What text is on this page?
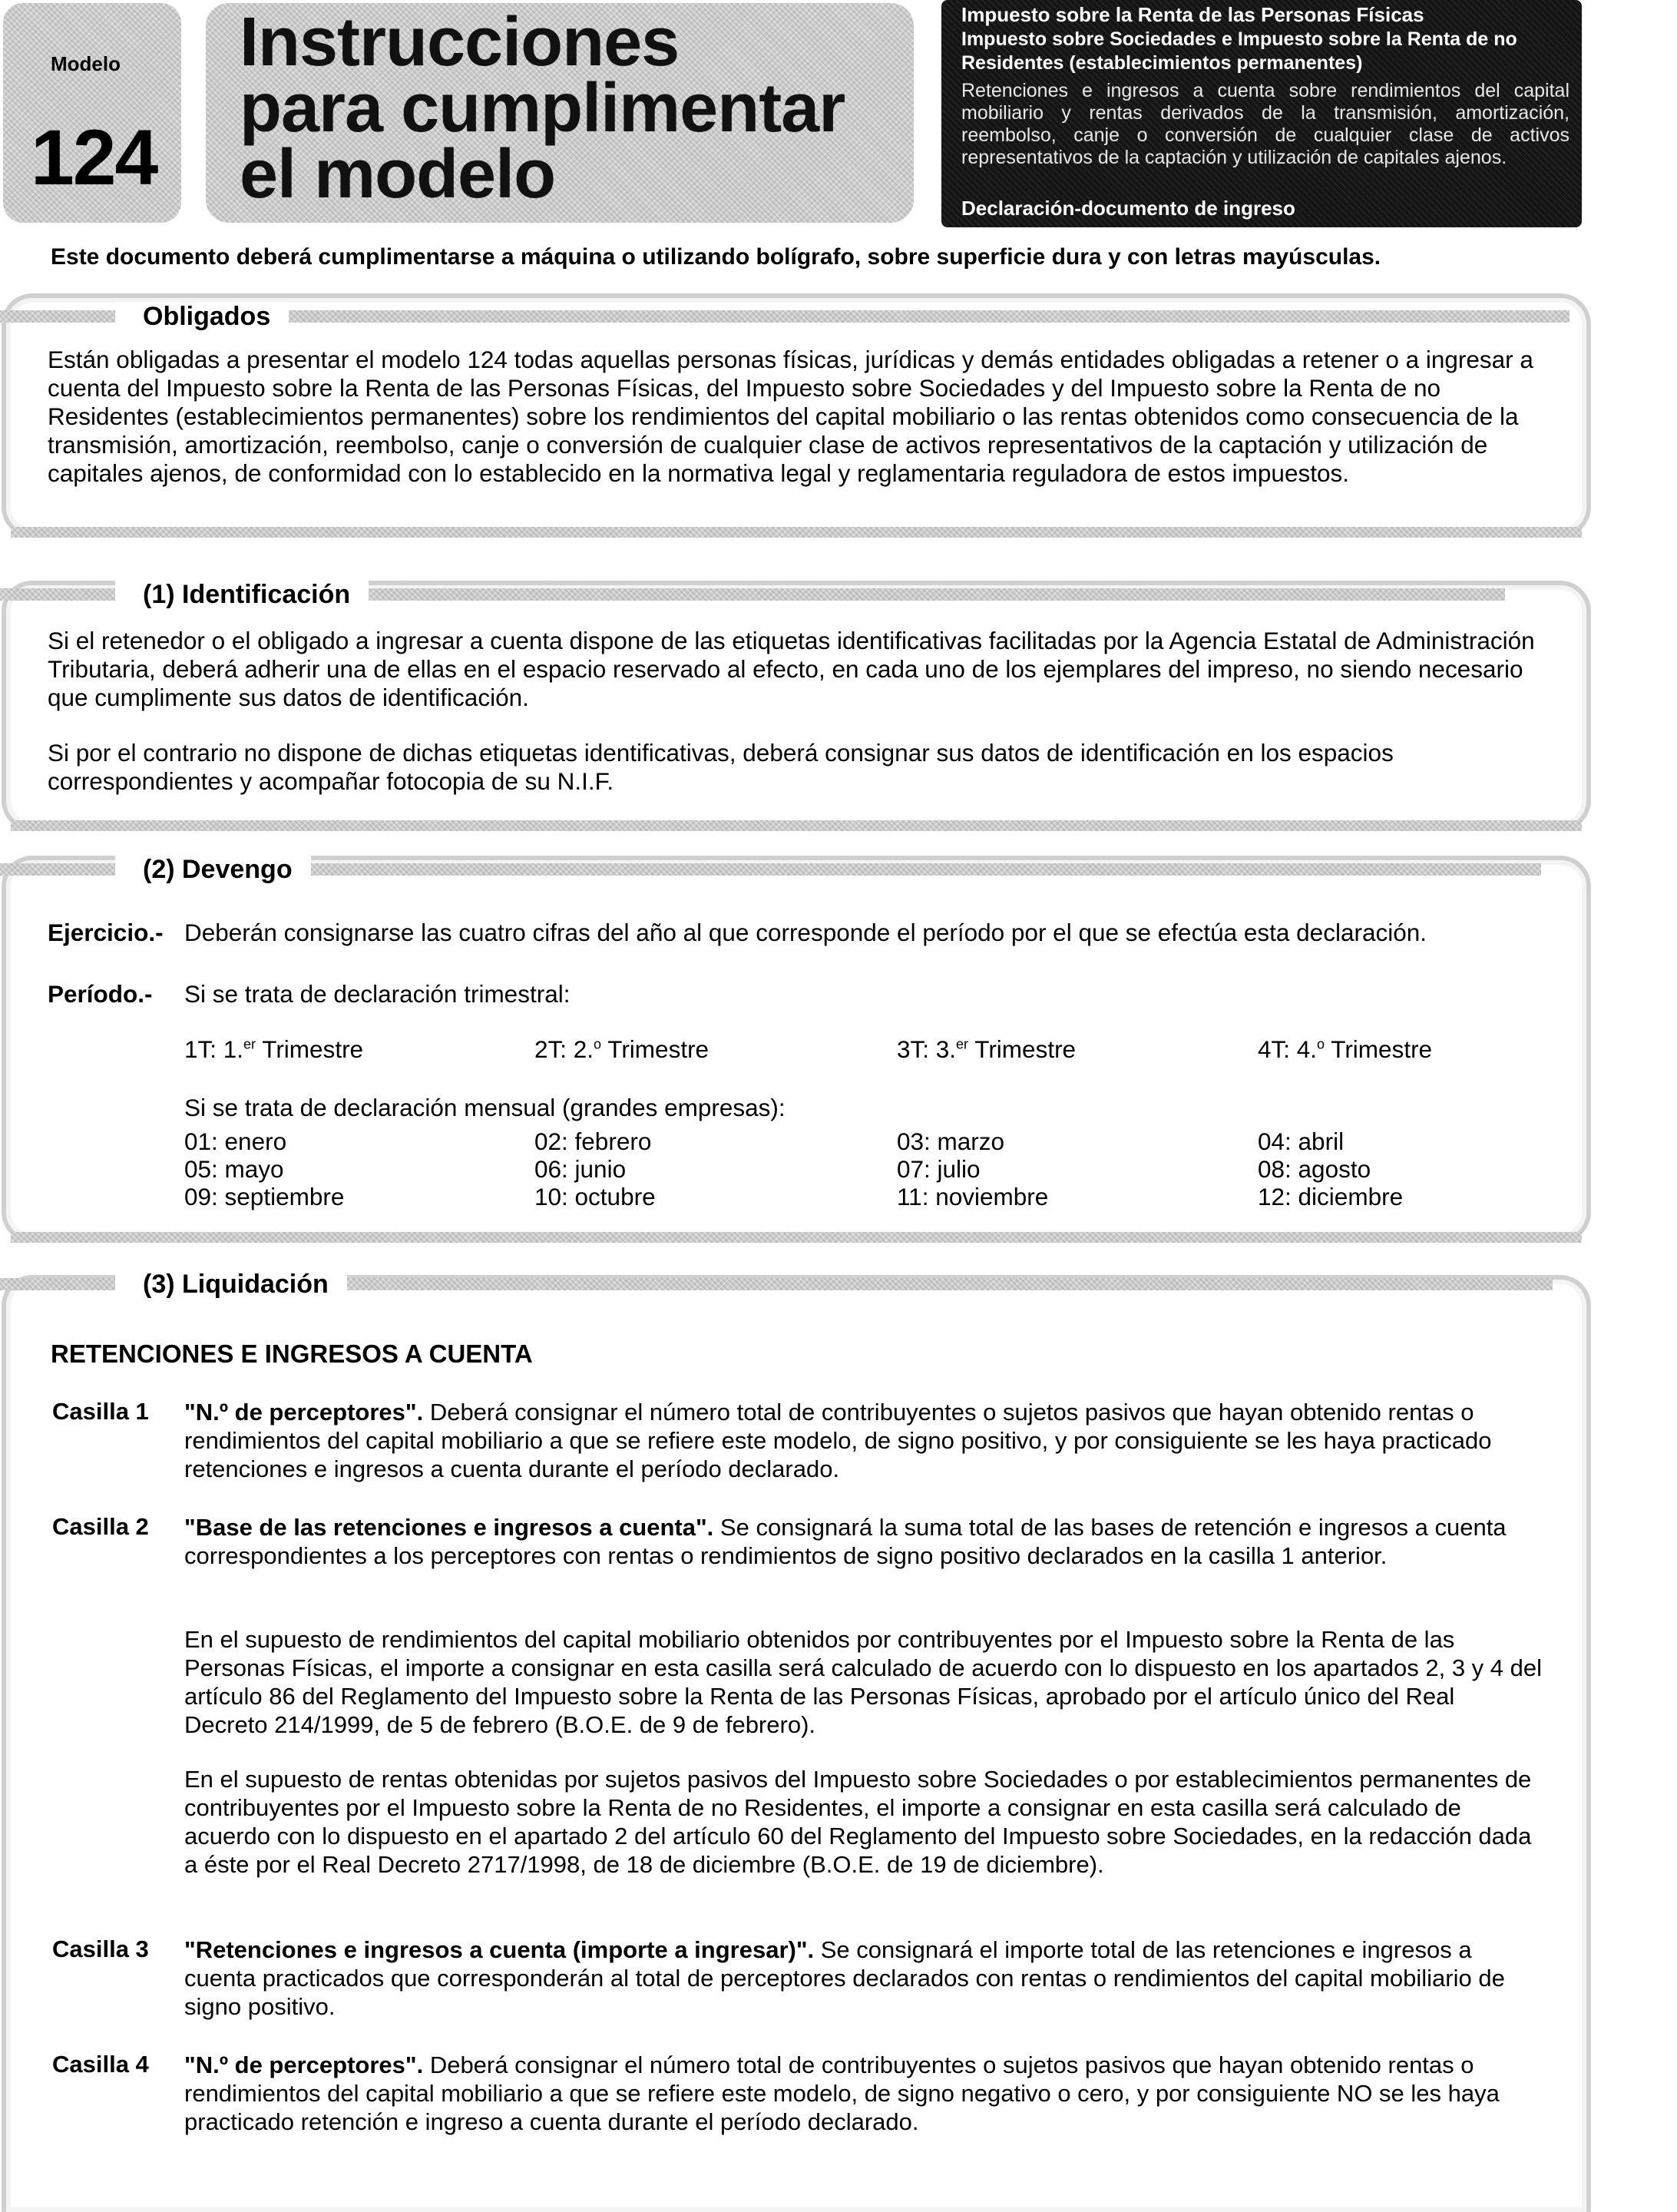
Modelo
124
Instrucciones
para cumplimentar
el modelo
Impuesto sobre la Renta de las Personas Físicas
Impuesto sobre Sociedades e Impuesto sobre la Renta de no Residentes (establecimientos permanentes)
Retenciones e ingresos a cuenta sobre rendimientos del capital mobiliario y rentas derivados de la transmisión, amortización, reembolso, canje o conversión de cualquier clase de activos representativos de la captación y utilización de capitales ajenos.
Declaración-documento de ingreso
Este documento deberá cumplimentarse a máquina o utilizando bolígrafo, sobre superficie dura y con letras mayúsculas.
Obligados
Están obligadas a presentar el modelo 124 todas aquellas personas físicas, jurídicas y demás entidades obligadas a retener o a ingresar a cuenta del Impuesto sobre la Renta de las Personas Físicas, del Impuesto sobre Sociedades y del Impuesto sobre la Renta de no Residentes (establecimientos permanentes) sobre los rendimientos del capital mobiliario o las rentas obtenidos como consecuencia de la transmisión, amortización, reembolso, canje o conversión de cualquier clase de activos representativos de la captación y utilización de capitales ajenos, de conformidad con lo establecido en la normativa legal y reglamentaria reguladora de estos impuestos.
(1) Identificación
Si el retenedor o el obligado a ingresar a cuenta dispone de las etiquetas identificativas facilitadas por la Agencia Estatal de Administración Tributaria, deberá adherir una de ellas en el espacio reservado al efecto, en cada uno de los ejemplares del impreso, no siendo necesario que cumplimente sus datos de identificación.
Si por el contrario no dispone de dichas etiquetas identificativas, deberá consignar sus datos de identificación en los espacios correspondientes y acompañar fotocopia de su N.I.F.
(2) Devengo
Ejercicio.- Deberán consignarse las cuatro cifras del año al que corresponde el período por el que se efectúa esta declaración.
Período.- Si se trata de declaración trimestral:
1T: 1.$^{er}$ Trimestre	2T: 2.$^o$ Trimestre	3T: 3.$^{er}$ Trimestre	4T: 4.$^o$ Trimestre
Si se trata de declaración mensual (grandes empresas):
01: enero	02: febrero	03: marzo	04: abril
05: mayo	06: junio	07: julio	08: agosto
09: septiembre	10: octubre	11: noviembre	12: diciembre
(3) Liquidación
RETENCIONES E INGRESOS A CUENTA
Casilla 1 "N.º de perceptores". Deberá consignar el número total de contribuyentes o sujetos pasivos que hayan obtenido rentas o rendimientos del capital mobiliario a que se refiere este modelo, de signo positivo, y por consiguiente se les haya practicado retenciones e ingresos a cuenta durante el período declarado.
Casilla 2 "Base de las retenciones e ingresos a cuenta". Se consignará la suma total de las bases de retención e ingresos a cuenta correspondientes a los perceptores con rentas o rendimientos de signo positivo declarados en la casilla 1 anterior.
En el supuesto de rendimientos del capital mobiliario obtenidos por contribuyentes por el Impuesto sobre la Renta de las Personas Físicas, el importe a consignar en esta casilla será calculado de acuerdo con lo dispuesto en los apartados 2, 3 y 4 del artículo 86 del Reglamento del Impuesto sobre la Renta de las Personas Físicas, aprobado por el artículo único del Real Decreto 214/1999, de 5 de febrero (B.O.E. de 9 de febrero).
En el supuesto de rentas obtenidas por sujetos pasivos del Impuesto sobre Sociedades o por establecimientos permanentes de contribuyentes por el Impuesto sobre la Renta de no Residentes, el importe a consignar en esta casilla será calculado de acuerdo con lo dispuesto en el apartado 2 del artículo 60 del Reglamento del Impuesto sobre Sociedades, en la redacción dada a éste por el Real Decreto 2717/1998, de 18 de diciembre (B.O.E. de 19 de diciembre).
Casilla 3 "Retenciones e ingresos a cuenta (importe a ingresar)". Se consignará el importe total de las retenciones e ingresos a cuenta practicados que corresponderán al total de perceptores declarados con rentas o rendimientos del capital mobiliario de signo positivo.
Casilla 4 "N.º de perceptores". Deberá consignar el número total de contribuyentes o sujetos pasivos que hayan obtenido rentas o rendimientos del capital mobiliario a que se refiere este modelo, de signo negativo o cero, y por consiguiente NO se les haya practicado retención e ingreso a cuenta durante el período declarado.
